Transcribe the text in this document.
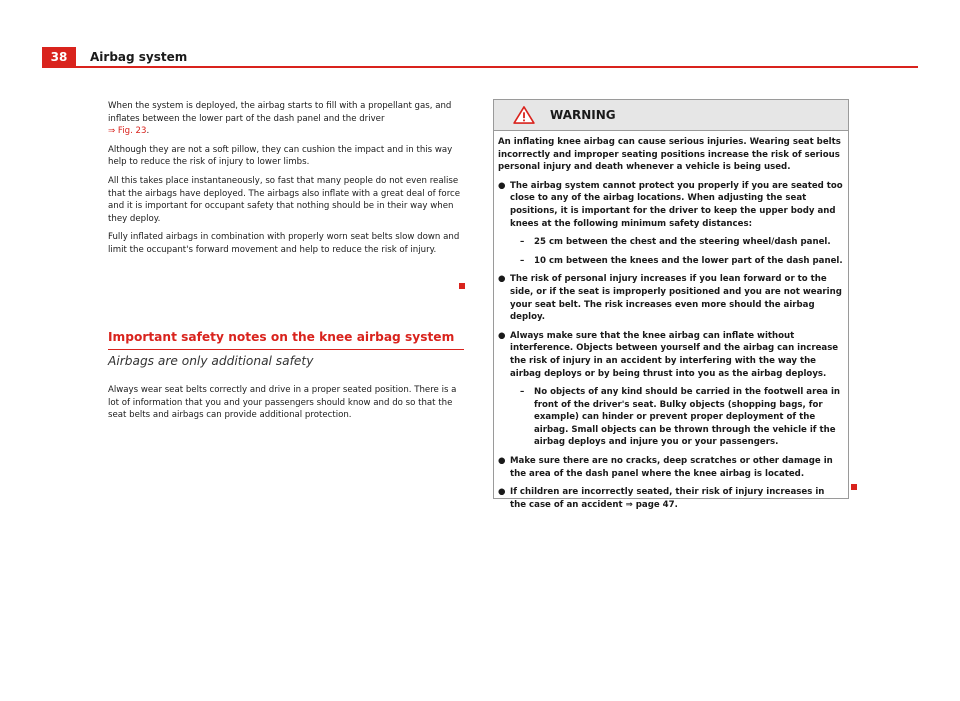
38	Airbag system

When the system is deployed, the airbag starts to fill with a propellant gas, and inflates between the lower part of the dash panel and the driver
⇒ Fig. 23.

Although they are not a soft pillow, they can cushion the impact and in this way help to reduce the risk of injury to lower limbs.

All this takes place instantaneously, so fast that many people do not even realise that the airbags have deployed. The airbags also inflate with a great deal of force and it is important for occupant safety that nothing should be in their way when they deploy.

Fully inflated airbags in combination with properly worn seat belts slow down and limit the occupant's forward movement and help to reduce the risk of injury.

Important safety notes on the knee airbag system
Airbags are only additional safety
Always wear seat belts correctly and drive in a proper seated position. There is a lot of information that you and your passengers should know and do so that the seat belts and airbags can provide additional protection.
WARNING

An inflating knee airbag can cause serious injuries. Wearing seat belts incorrectly and improper seating positions increase the risk of serious personal injury and death whenever a vehicle is being used.

● The airbag system cannot protect you properly if you are seated too close to any of the airbag locations. When adjusting the seat positions, it is important for the driver to keep the upper body and knees at the following minimum safety distances:
–	25 cm between the chest and the steering wheel/dash panel.
–	10 cm between the knees and the lower part of the dash panel.
● The risk of personal injury increases if you lean forward or to the side, or if the seat is improperly positioned and you are not wearing your seat belt. The risk increases even more should the airbag deploy.
● Always make sure that the knee airbag can inflate without interference. Objects between yourself and the airbag can increase the risk of injury in an accident by interfering with the way the airbag deploys or by being thrust into you as the airbag deploys.
–	No objects of any kind should be carried in the footwell area in front of the driver's seat. Bulky objects (shopping bags, for example) can hinder or prevent proper deployment of the airbag. Small objects can be thrown through the vehicle if the airbag deploys and injure you or your passengers.
● Make sure there are no cracks, deep scratches or other damage in the area of the dash panel where the knee airbag is located.
● If children are incorrectly seated, their risk of injury increases in the case of an accident ⇒ page 47.
